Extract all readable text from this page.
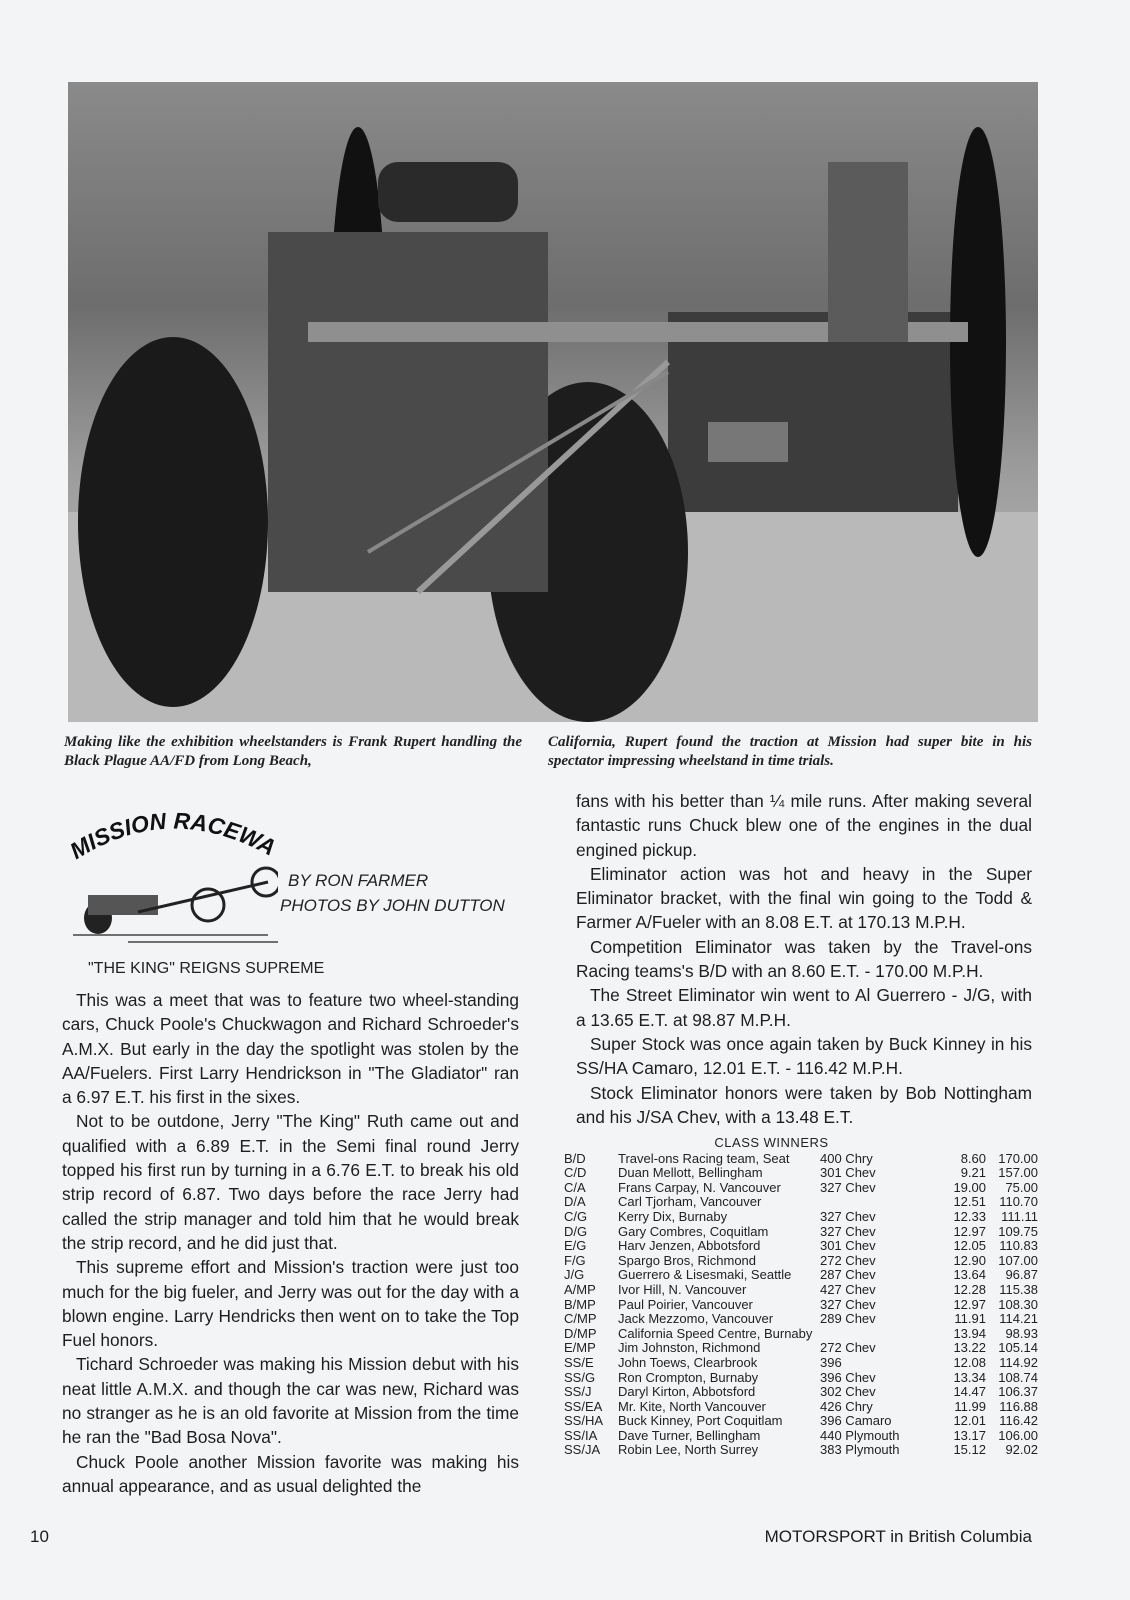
Making like the exhibition wheelstanders is Frank Rupert handling the Black Plague AA/FD from Long Beach,
California, Rupert found the traction at Mission had super bite in his spectator impressing wheelstand in time trials.
MISSION RACEWA
BY RON FARMER
PHOTOS BY JOHN DUTTON
"THE KING" REIGNS SUPREME

This was a meet that was to feature two wheel-standing cars, Chuck Poole's Chuckwagon and Richard Schroeder's A.M.X. But early in the day the spotlight was stolen by the AA/Fuelers. First Larry Hendrickson in "The Gladiator" ran a 6.97 E.T. his first in the sixes.

Not to be outdone, Jerry "The King" Ruth came out and qualified with a 6.89 E.T. in the Semi final round Jerry topped his first run by turning in a 6.76 E.T. to break his old strip record of 6.87. Two days before the race Jerry had called the strip manager and told him that he would break the strip record, and he did just that.

This supreme effort and Mission's traction were just too much for the big fueler, and Jerry was out for the day with a blown engine. Larry Hendricks then went on to take the Top Fuel honors.

Tichard Schroeder was making his Mission debut with his neat little A.M.X. and though the car was new, Richard was no stranger as he is an old favorite at Mission from the time he ran the "Bad Bosa Nova".

Chuck Poole another Mission favorite was making his annual appearance, and as usual delighted the

fans with his better than ¼ mile runs. After making several fantastic runs Chuck blew one of the engines in the dual engined pickup.

Eliminator action was hot and heavy in the Super Eliminator bracket, with the final win going to the Todd & Farmer A/Fueler with an 8.08 E.T. at 170.13 M.P.H.

Competition Eliminator was taken by the Travel-ons Racing teams's B/D with an 8.60 E.T. - 170.00 M.P.H.

The Street Eliminator win went to Al Guerrero - J/G, with a 13.65 E.T. at 98.87 M.P.H.

Super Stock was once again taken by Buck Kinney in his SS/HA Camaro, 12.01 E.T. - 116.42 M.P.H.

Stock Eliminator honors were taken by Bob Nottingham and his J/SA Chev, with a 13.48 E.T.

CLASS WINNERS
B/D	Travel-ons Racing team, Seat	400 Chry	8.60 170.00
C/D	Duan Mellott, Bellingham	301 Chev	9.21 157.00
C/A	Frans Carpay, N. Vancouver	327 Chev	19.00	75.00
D/A	Carl Tjorham, Vancouver	12.51	110.70
C/G	Kerry Dix, Burnaby	327 Chev	12.33	111.11
D/G	Gary Combres, Coquitlam	327 Chev	12.97 109.75
E/G	Harv Jenzen, Abbotsford	301 Chev	12.05	110.83
F/G	Spargo Bros, Richmond	272 Chev	12.90 107.00
J/G	Guerrero & Lisesmaki, Seattle	287 Chev	13.64	96.87
A/MP	Ivor Hill, N. Vancouver	427 Chev	12.28	115.38
B/MP	Paul Poirier, Vancouver	327 Chev	12.97 108.30
C/MP	Jack Mezzomo, Vancouver	289 Chev	11.91	114.21
D/MP	California Speed Centre, Burnaby	13.94	98.93
E/MP	Jim Johnston, Richmond	272 Chev	13.22 105.14
SS/E	John Toews, Clearbrook	396	12.08	114.92
SS/G	Ron Crompton, Burnaby	396 Chev	13.34 108.74
SS/J	Daryl Kirton, Abbotsford	302 Chev	14.47 106.37
SS/EA	Mr. Kite, North Vancouver	426 Chry	11.99	116.88
SS/HA	Buck Kinney, Port Coquitlam	396 Camaro	12.01	116.42
SS/IA	Dave Turner, Bellingham	440 Plymouth	13.17 106.00
SS/JA	Robin Lee, North Surrey	383 Plymouth	15.12	92.02
10	MOTORSPORT in British Columbia
